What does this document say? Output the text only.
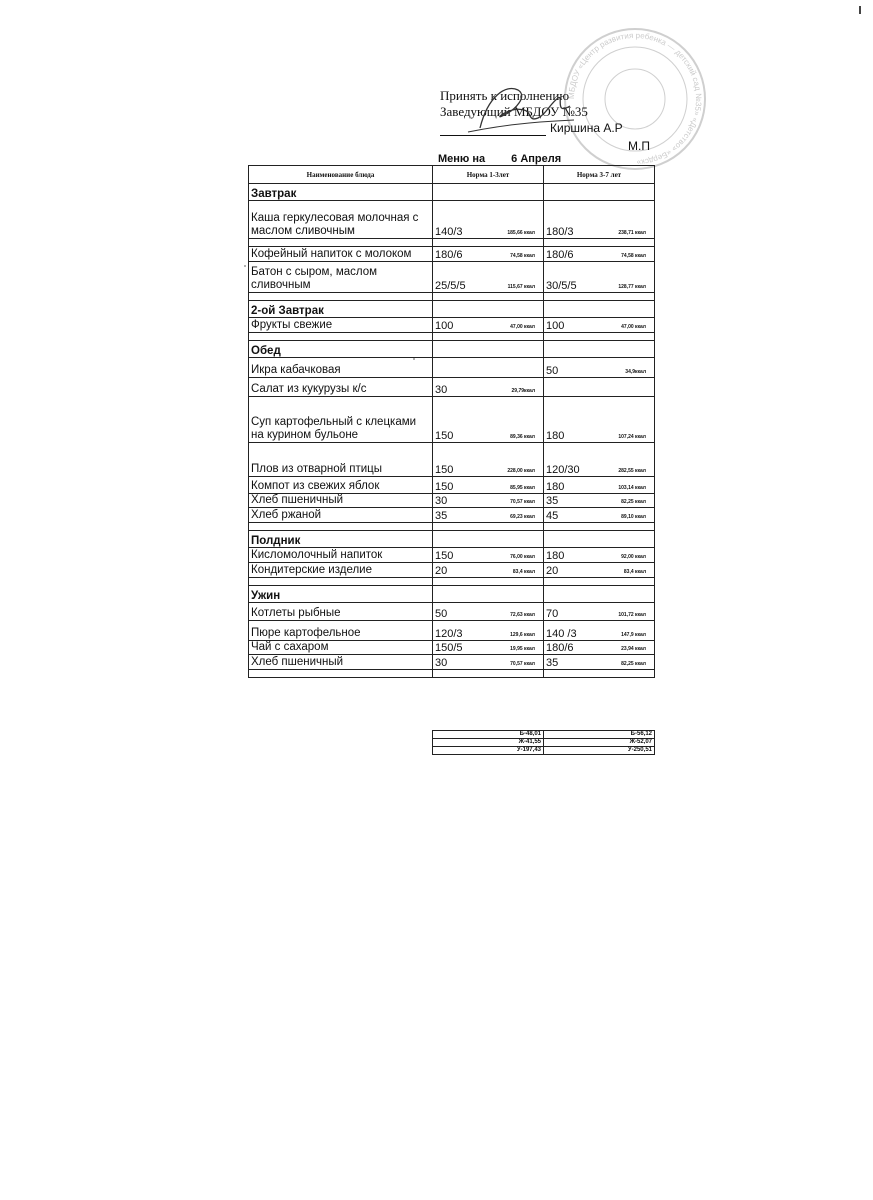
МБДОУ «Центр развития ребенка — детский сад №35» «Детство» «Бердск»
Принять к исполнению
Заведующий МБДОУ №35
Киршина А.Р
М.П
Меню на 6 Апреля
Наименование блюда	Норма 1-3лет	Норма 3-7 лет
Завтрак		
Каша геркулесовая молочная с маслом сливочным	140/3 185,66 ккал	180/3 238,71 ккал

Кофейный напиток с молоком	180/6 74,58 ккал	180/6 74,58 ккал

Батон с сыром, маслом сливочным	25/5/5 115,67 ккал	30/5/5 128,77 ккал

2-ой Завтрак		
Фрукты свежие	100 47,00 ккал	100 47,00 ккал

Обед		
Икра кабачковая		50 34,9ккал

Салат из кукурузы к/с	30 29,79ккал	

Суп картофельный с клецками на курином бульоне	150 89,36 ккал	180 107,24 ккал

Плов из отварной птицы	150 228,00 ккал	120/30 282,55 ккал

Компот из свежих яблок	150 85,95 ккал	180 103,14 ккал

Хлеб пшеничный	30 70,57 ккал	35 82,25 ккал

Хлеб ржаной	35 69,23 ккал	45 89,10 ккал

Полдник		
Кисломолочный напиток	150 76,00 ккал	180 92,00 ккал

Кондитерские изделие	20 83,4 ккал	20 83,4 ккал

Ужин		
Котлеты рыбные	50 72,63 ккал	70 101,72 ккал

Пюре картофельное	120/3 129,6 ккал	140 /3 147,9 ккал

Чай с сахаром	150/5 19,95 ккал	180/6 23,94 ккал

Хлеб пшеничный	30 70,57 ккал	35 82,25 ккал

Б-48,01	Б-56,12
Ж-41,55	Ж-52,07
У-197,43	У-250,51
